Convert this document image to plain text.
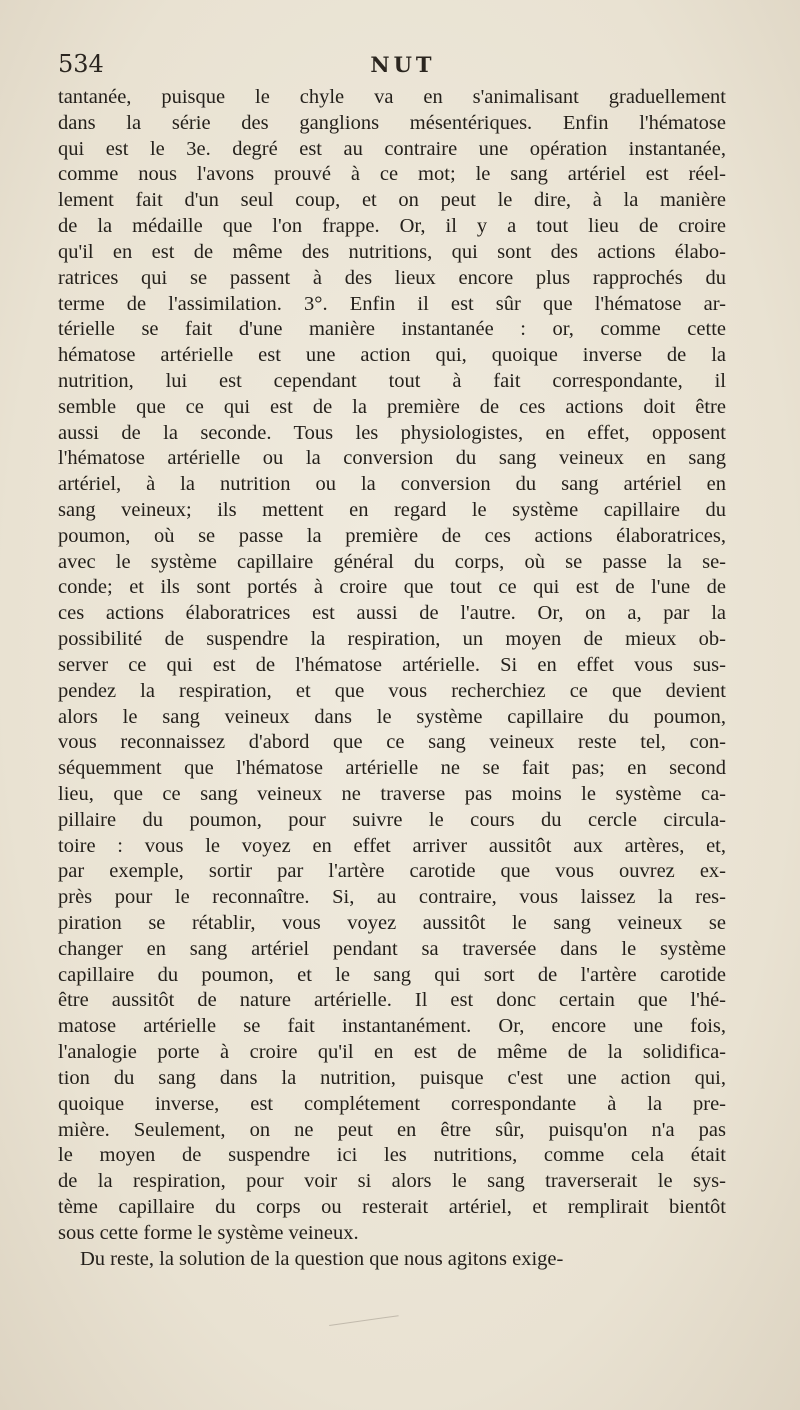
534	NUT
tantanée, puisque le chyle va en s'animalisant graduellement
dans la série des ganglions mésentériques. Enfin l'hématose
qui est le 3e. degré est au contraire une opération instantanée,
comme nous l'avons prouvé à ce mot; le sang artériel est réel-
lement fait d'un seul coup, et on peut le dire, à la manière
de la médaille que l'on frappe. Or, il y a tout lieu de croire
qu'il en est de même des nutritions, qui sont des actions élabo-
ratrices qui se passent à des lieux encore plus rapprochés du
terme de l'assimilation. 3°. Enfin il est sûr que l'hématose ar-
térielle se fait d'une manière instantanée : or, comme cette
hématose artérielle est une action qui, quoique inverse de la
nutrition, lui est cependant tout à fait correspondante, il
semble que ce qui est de la première de ces actions doit être
aussi de la seconde. Tous les physiologistes, en effet, opposent
l'hématose artérielle ou la conversion du sang veineux en sang
artériel, à la nutrition ou la conversion du sang artériel en
sang veineux; ils mettent en regard le système capillaire du
poumon, où se passe la première de ces actions élaboratrices,
avec le système capillaire général du corps, où se passe la se-
conde; et ils sont portés à croire que tout ce qui est de l'une de
ces actions élaboratrices est aussi de l'autre. Or, on a, par la
possibilité de suspendre la respiration, un moyen de mieux ob-
server ce qui est de l'hématose artérielle. Si en effet vous sus-
pendez la respiration, et que vous recherchiez ce que devient
alors le sang veineux dans le système capillaire du poumon,
vous reconnaissez d'abord que ce sang veineux reste tel, con-
séquemment que l'hématose artérielle ne se fait pas; en second
lieu, que ce sang veineux ne traverse pas moins le système ca-
pillaire du poumon, pour suivre le cours du cercle circula-
toire : vous le voyez en effet arriver aussitôt aux artères, et,
par exemple, sortir par l'artère carotide que vous ouvrez ex-
près pour le reconnaître. Si, au contraire, vous laissez la res-
piration se rétablir, vous voyez aussitôt le sang veineux se
changer en sang artériel pendant sa traversée dans le système
capillaire du poumon, et le sang qui sort de l'artère carotide
être aussitôt de nature artérielle. Il est donc certain que l'hé-
matose artérielle se fait instantanément. Or, encore une fois,
l'analogie porte à croire qu'il en est de même de la solidifica-
tion du sang dans la nutrition, puisque c'est une action qui,
quoique inverse, est complétement correspondante à la pre-
mière. Seulement, on ne peut en être sûr, puisqu'on n'a pas
le moyen de suspendre ici les nutritions, comme cela était
de la respiration, pour voir si alors le sang traverserait le sys-
tème capillaire du corps ou resterait artériel, et remplirait bientôt
sous cette forme le système veineux.
Du reste, la solution de la question que nous agitons exige-
